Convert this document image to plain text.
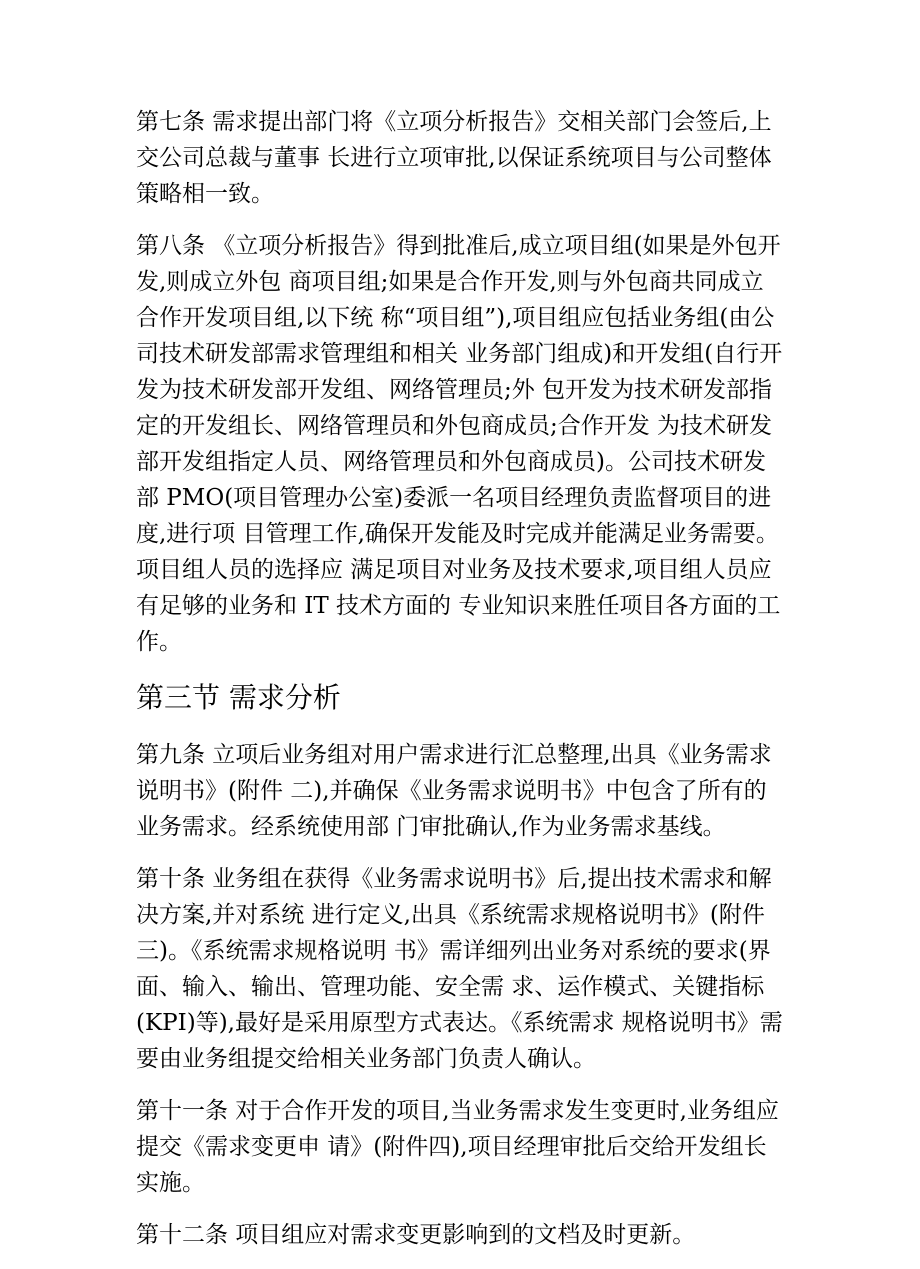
第七条 需求提出部门将《立项分析报告》交相关部门会签后,上交公司总裁与董事 长进行立项审批,以保证系统项目与公司整体策略相一致。

第八条 《立项分析报告》得到批准后,成立项目组(如果是外包开发,则成立外包 商项目组;如果是合作开发,则与外包商共同成立合作开发项目组,以下统 称“项目组”),项目组应包括业务组(由公司技术研发部需求管理组和相关 业务部门组成)和开发组(自行开发为技术研发部开发组、网络管理员;外 包开发为技术研发部指定的开发组长、网络管理员和外包商成员;合作开发 为技术研发部开发组指定人员、网络管理员和外包商成员)。公司技术研发部 PMO(项目管理办公室)委派一名项目经理负责监督项目的进度,进行项 目管理工作,确保开发能及时完成并能满足业务需要。项目组人员的选择应 满足项目对业务及技术要求,项目组人员应有足够的业务和 IT 技术方面的 专业知识来胜任项目各方面的工作。

第三节 需求分析

第九条 立项后业务组对用户需求进行汇总整理,出具《业务需求说明书》(附件 二),并确保《业务需求说明书》中包含了所有的业务需求。经系统使用部 门审批确认,作为业务需求基线。

第十条 业务组在获得《业务需求说明书》后,提出技术需求和解决方案,并对系统 进行定义,出具《系统需求规格说明书》(附件三)。《系统需求规格说明 书》需详细列出业务对系统的要求(界面、输入、输出、管理功能、安全需 求、运作模式、关键指标(KPI)等),最好是采用原型方式表达。《系统需求 规格说明书》需要由业务组提交给相关业务部门负责人确认。

第十一条 对于合作开发的项目,当业务需求发生变更时,业务组应提交《需求变更申 请》(附件四),项目经理审批后交给开发组长实施。

第十二条 项目组应对需求变更影响到的文档及时更新。
